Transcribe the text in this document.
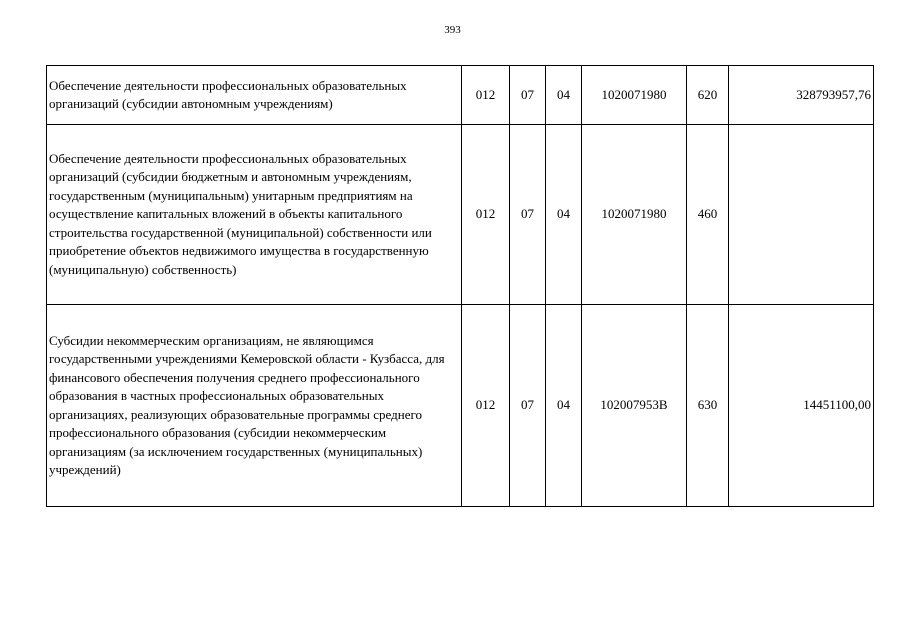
393
Обеспечение деятельности профессиональных образовательных организаций (субсидии автономным учреждениям)	012	07	04	1020071980	620	328793957,76
Обеспечение деятельности профессиональных образовательных организаций (субсидии бюджетным и автономным учреждениям, государственным (муниципальным) унитарным предприятиям на осуществление капитальных вложений в объекты капитального строительства государственной (муниципальной) собственности или приобретение объектов недвижимого имущества в государственную (муниципальную) собственность)	012	07	04	1020071980	460	
Субсидии некоммерческим организациям, не являющимся государственными учреждениями Кемеровской области - Кузбасса, для финансового обеспечения получения среднего профессионального образования в частных профессиональных образовательных организациях, реализующих образовательные программы среднего профессионального образования (субсидии некоммерческим организациям (за исключением государственных (муниципальных) учреждений)	012	07	04	102007953В	630	14451100,00
